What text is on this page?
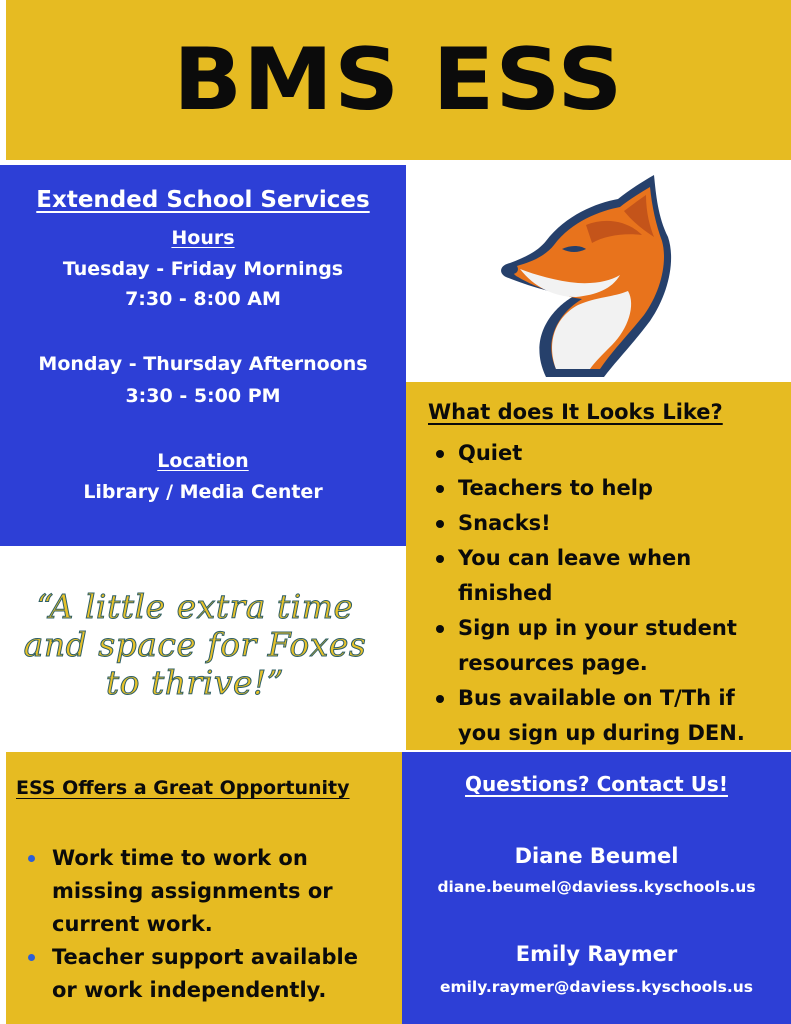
BMS ESS
Extended School Services
Hours
Tuesday - Friday Mornings
7:30 - 8:00 AM
Monday - Thursday Afternoons
3:30 - 5:00 PM
Location
Library / Media Center
What does It Looks Like?
Quiet
Teachers to help
Snacks!
You can leave when finished
Sign up in your student resources page.
Bus available on T/Th if you sign up during DEN.
“A little extra time
and space for Foxes
to thrive!”
ESS Offers a Great Opportunity
Work time to work on missing assignments or current work.
Teacher support available or work independently.
Questions? Contact Us!
Diane Beumel
diane.beumel@daviess.kyschools.us
Emily Raymer
emily.raymer@daviess.kyschools.us
